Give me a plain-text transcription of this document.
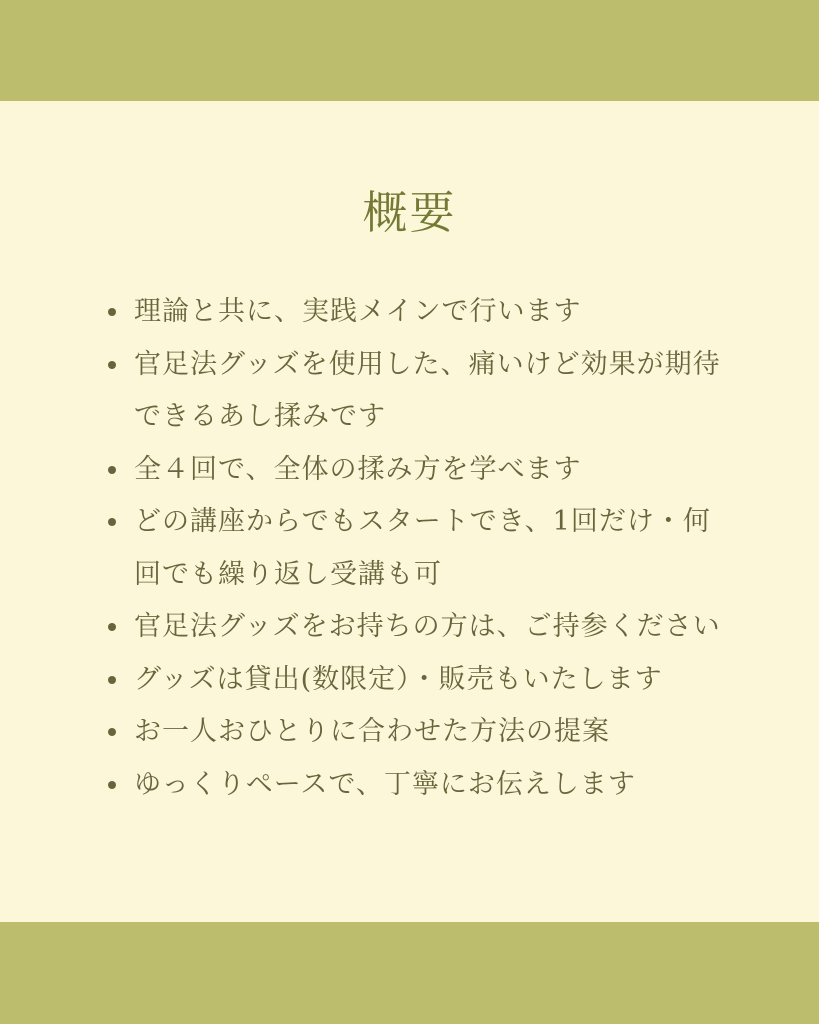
概要
理論と共に、実践メインで行います
官足法グッズを使用した、痛いけど効果が期待できるあし揉みです
全４回で、全体の揉み方を学べます
どの講座からでもスタートでき、1回だけ・何回でも繰り返し受講も可
官足法グッズをお持ちの方は、ご持参ください
グッズは貸出(数限定）・販売もいたします
お一人おひとりに合わせた方法の提案
ゆっくりペースで、丁寧にお伝えします
